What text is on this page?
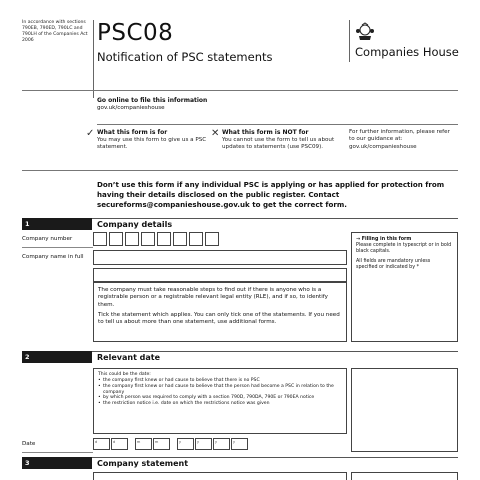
In accordance with sections 790EB, 790ED, 790LC and 790LH of the Companies Act 2006	PSC08
Notification of PSC statements	Companies House
Go online to file this information
gov.uk/companieshouse
✓ What this form is for
You may use this form to give us a PSC statement.
✕ What this form is NOT for
You cannot use the form to tell us about updates to statements (use PSC09).
For further information, please refer to our guidance at: gov.uk/companieshouse
Don’t use this form if any individual PSC is applying or has applied for protection from having their details disclosed on the public register. Contact secureforms@companieshouse.gov.uk to get the correct form.
1	Company details
Company number
Company name in full
→ Filling in this form
Please complete in typescript or in bold black capitals.
All fields are mandatory unless specified or indicated by *
The company must take reasonable steps to find out if there is anyone who is a registrable person or a registrable relevant legal entity (RLE), and if so, to identify them.
Tick the statement which applies. You can only tick one of the statements. If you need to tell us about more than one statement, use additional forms.
2	Relevant date
This could be the date:
• the company first knew or had cause to believe that there is no PSC
• the company first knew or had cause to believe that the person had become a PSC in relation to the company
• by which person was required to comply with a section 790D, 790DA, 790E or 790EA notice
• the restriction notice i.e. date on which the restrictions notice was given
Date	d	d	m	m	y	y	y	y
3	Company statement
